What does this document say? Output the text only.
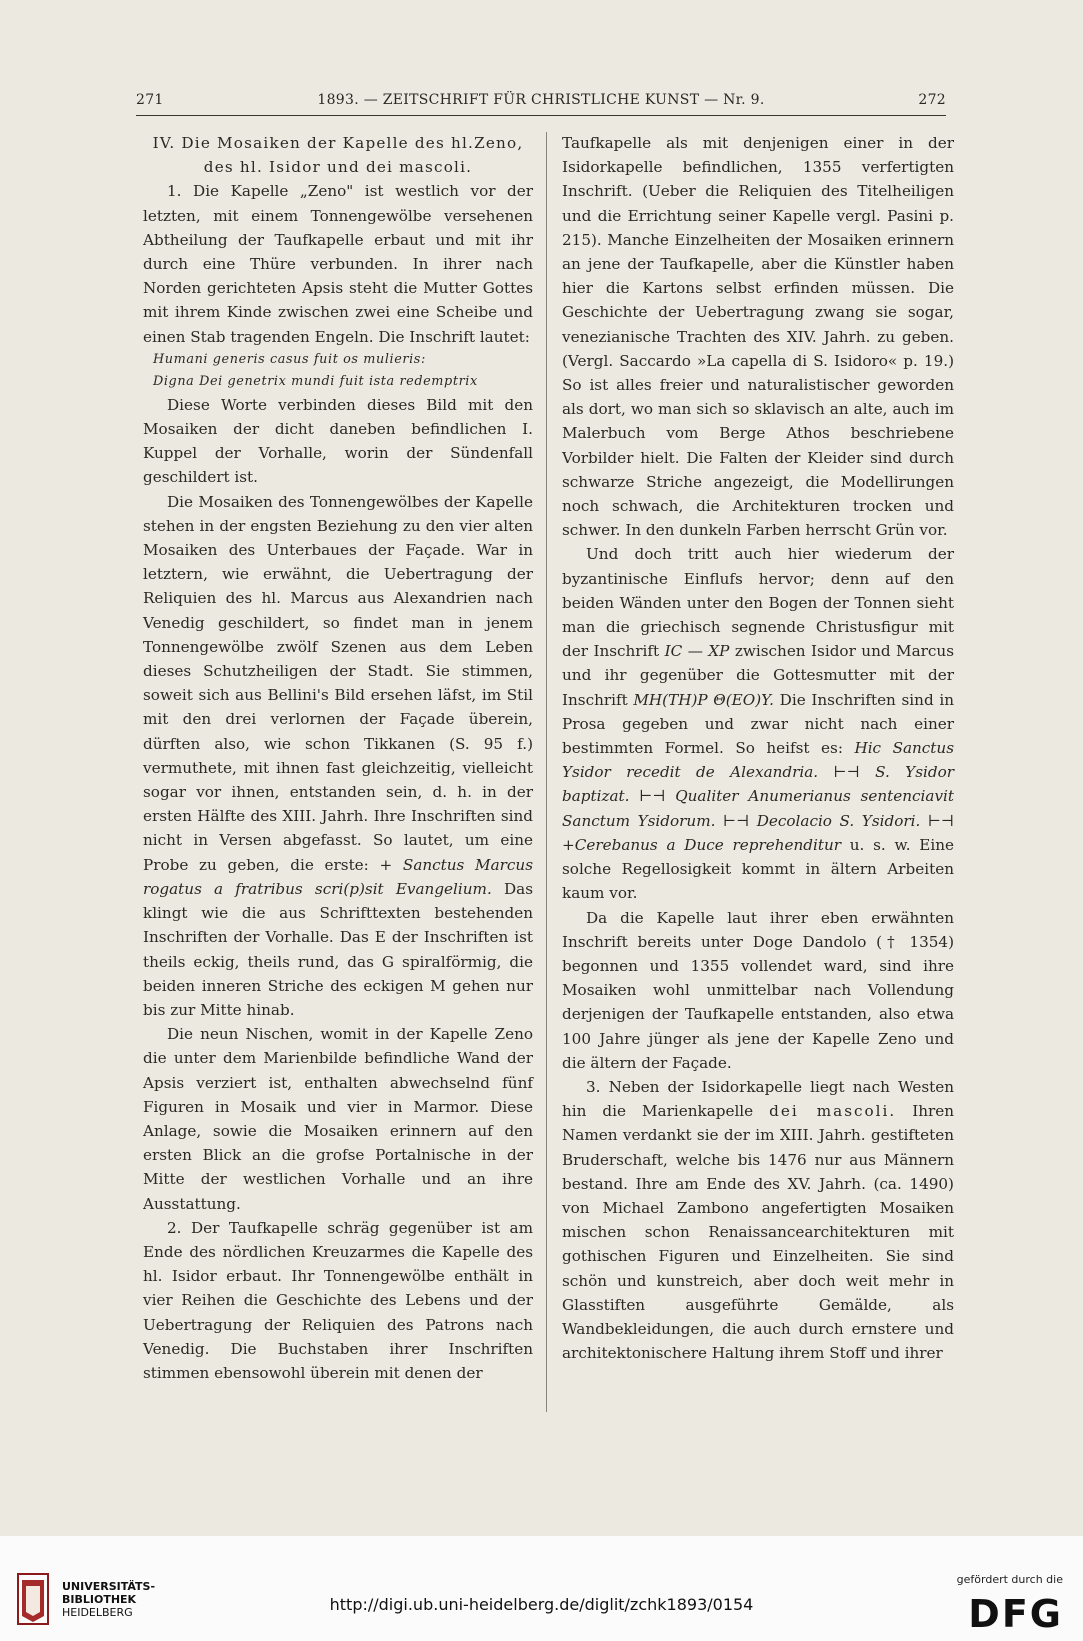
271	1893. — ZEITSCHRIFT FÜR CHRISTLICHE KUNST — Nr. 9.	272

IV. Die Mosaiken der Kapelle des hl.Zeno,

des hl. Isidor und dei mascoli.

1. Die Kapelle „Zeno" ist westlich vor der letzten, mit einem Tonnengewölbe versehenen Abtheilung der Taufkapelle erbaut und mit ihr durch eine Thüre verbunden. In ihrer nach Norden gerichteten Apsis steht die Mutter Gottes mit ihrem Kinde zwischen zwei eine Scheibe und einen Stab tragenden Engeln. Die Inschrift lautet:

Humani generis casus fuit os mulieris:

Digna Dei genetrix mundi fuit ista redemptrix

Diese Worte verbinden dieses Bild mit den Mosaiken der dicht daneben befindlichen I. Kuppel der Vorhalle, worin der Sündenfall geschildert ist.

Die Mosaiken des Tonnengewölbes der Kapelle stehen in der engsten Beziehung zu den vier alten Mosaiken des Unterbaues der Façade. War in letztern, wie erwähnt, die Uebertragung der Reliquien des hl. Marcus aus Alexandrien nach Venedig geschildert, so findet man in jenem Tonnengewölbe zwölf Szenen aus dem Leben dieses Schutzheiligen der Stadt. Sie stimmen, soweit sich aus Bellini's Bild ersehen läfst, im Stil mit den drei verlornen der Façade überein, dürften also, wie schon Tikkanen (S. 95 f.) vermuthete, mit ihnen fast gleichzeitig, vielleicht sogar vor ihnen, entstanden sein, d. h. in der ersten Hälfte des XIII. Jahrh. Ihre Inschriften sind nicht in Versen abgefasst. So lautet, um eine Probe zu geben, die erste: + Sanctus Marcus rogatus a fratribus scri(p)sit Evangelium. Das klingt wie die aus Schrifttexten bestehenden Inschriften der Vorhalle. Das E der Inschriften ist theils eckig, theils rund, das G spiralförmig, die beiden inneren Striche des eckigen M gehen nur bis zur Mitte hinab.

Die neun Nischen, womit in der Kapelle Zeno die unter dem Marienbilde befindliche Wand der Apsis verziert ist, enthalten abwechselnd fünf Figuren in Mosaik und vier in Marmor. Diese Anlage, sowie die Mosaiken erinnern auf den ersten Blick an die grofse Portalnische in der Mitte der westlichen Vorhalle und an ihre Ausstattung.

2. Der Taufkapelle schräg gegenüber ist am Ende des nördlichen Kreuzarmes die Kapelle des hl. Isidor erbaut. Ihr Tonnengewölbe enthält in vier Reihen die Geschichte des Lebens und der Uebertragung der Reliquien des Patrons nach Venedig. Die Buchstaben ihrer Inschriften stimmen ebensowohl überein mit denen der

Taufkapelle als mit denjenigen einer in der Isidorkapelle befindlichen, 1355 verfertigten Inschrift. (Ueber die Reliquien des Titelheiligen und die Errichtung seiner Kapelle vergl. Pasini p. 215). Manche Einzelheiten der Mosaiken erinnern an jene der Taufkapelle, aber die Künstler haben hier die Kartons selbst erfinden müssen. Die Geschichte der Uebertragung zwang sie sogar, venezianische Trachten des XIV. Jahrh. zu geben. (Vergl. Saccardo »La capella di S. Isidoro« p. 19.) So ist alles freier und naturalistischer geworden als dort, wo man sich so sklavisch an alte, auch im Malerbuch vom Berge Athos beschriebene Vorbilder hielt. Die Falten der Kleider sind durch schwarze Striche angezeigt, die Modellirungen noch schwach, die Architekturen trocken und schwer. In den dunkeln Farben herrscht Grün vor.

Und doch tritt auch hier wiederum der byzantinische Einflufs hervor; denn auf den beiden Wänden unter den Bogen der Tonnen sieht man die griechisch segnende Christusfigur mit der Inschrift IC — XP zwischen Isidor und Marcus und ihr gegenüber die Gottesmutter mit der Inschrift MH(TH)P Θ(EO)Y. Die Inschriften sind in Prosa gegeben und zwar nicht nach einer bestimmten Formel. So heifst es: Hic Sanctus Ysidor recedit de Alexandria. ⊢⊣ S. Ysidor baptizat. ⊢⊣ Qualiter Anumerianus sentenciavit Sanctum Ysidorum. ⊢⊣ Decolacio S. Ysidori. ⊢⊣ +Cerebanus a Duce reprehenditur u. s. w. Eine solche Regellosigkeit kommt in ältern Arbeiten kaum vor.

Da die Kapelle laut ihrer eben erwähnten Inschrift bereits unter Doge Dandolo († 1354) begonnen und 1355 vollendet ward, sind ihre Mosaiken wohl unmittelbar nach Vollendung derjenigen der Taufkapelle entstanden, also etwa 100 Jahre jünger als jene der Kapelle Zeno und die ältern der Façade.

3. Neben der Isidorkapelle liegt nach Westen hin die Marienkapelle dei mascoli. Ihren Namen verdankt sie der im XIII. Jahrh. gestifteten Bruderschaft, welche bis 1476 nur aus Männern bestand. Ihre am Ende des XV. Jahrh. (ca. 1490) von Michael Zambono angefertigten Mosaiken mischen schon Renaissancearchitekturen mit gothischen Figuren und Einzelheiten. Sie sind schön und kunstreich, aber doch weit mehr in Glasstiften ausgeführte Gemälde, als Wandbekleidungen, die auch durch ernstere und architektonischere Haltung ihrem Stoff und ihrer

UNIVERSITÄTS-
BIBLIOTHEK
HEIDELBERG	http://digi.ub.uni-heidelberg.de/diglit/zchk1893/0154
gefördert durch die
DFG
